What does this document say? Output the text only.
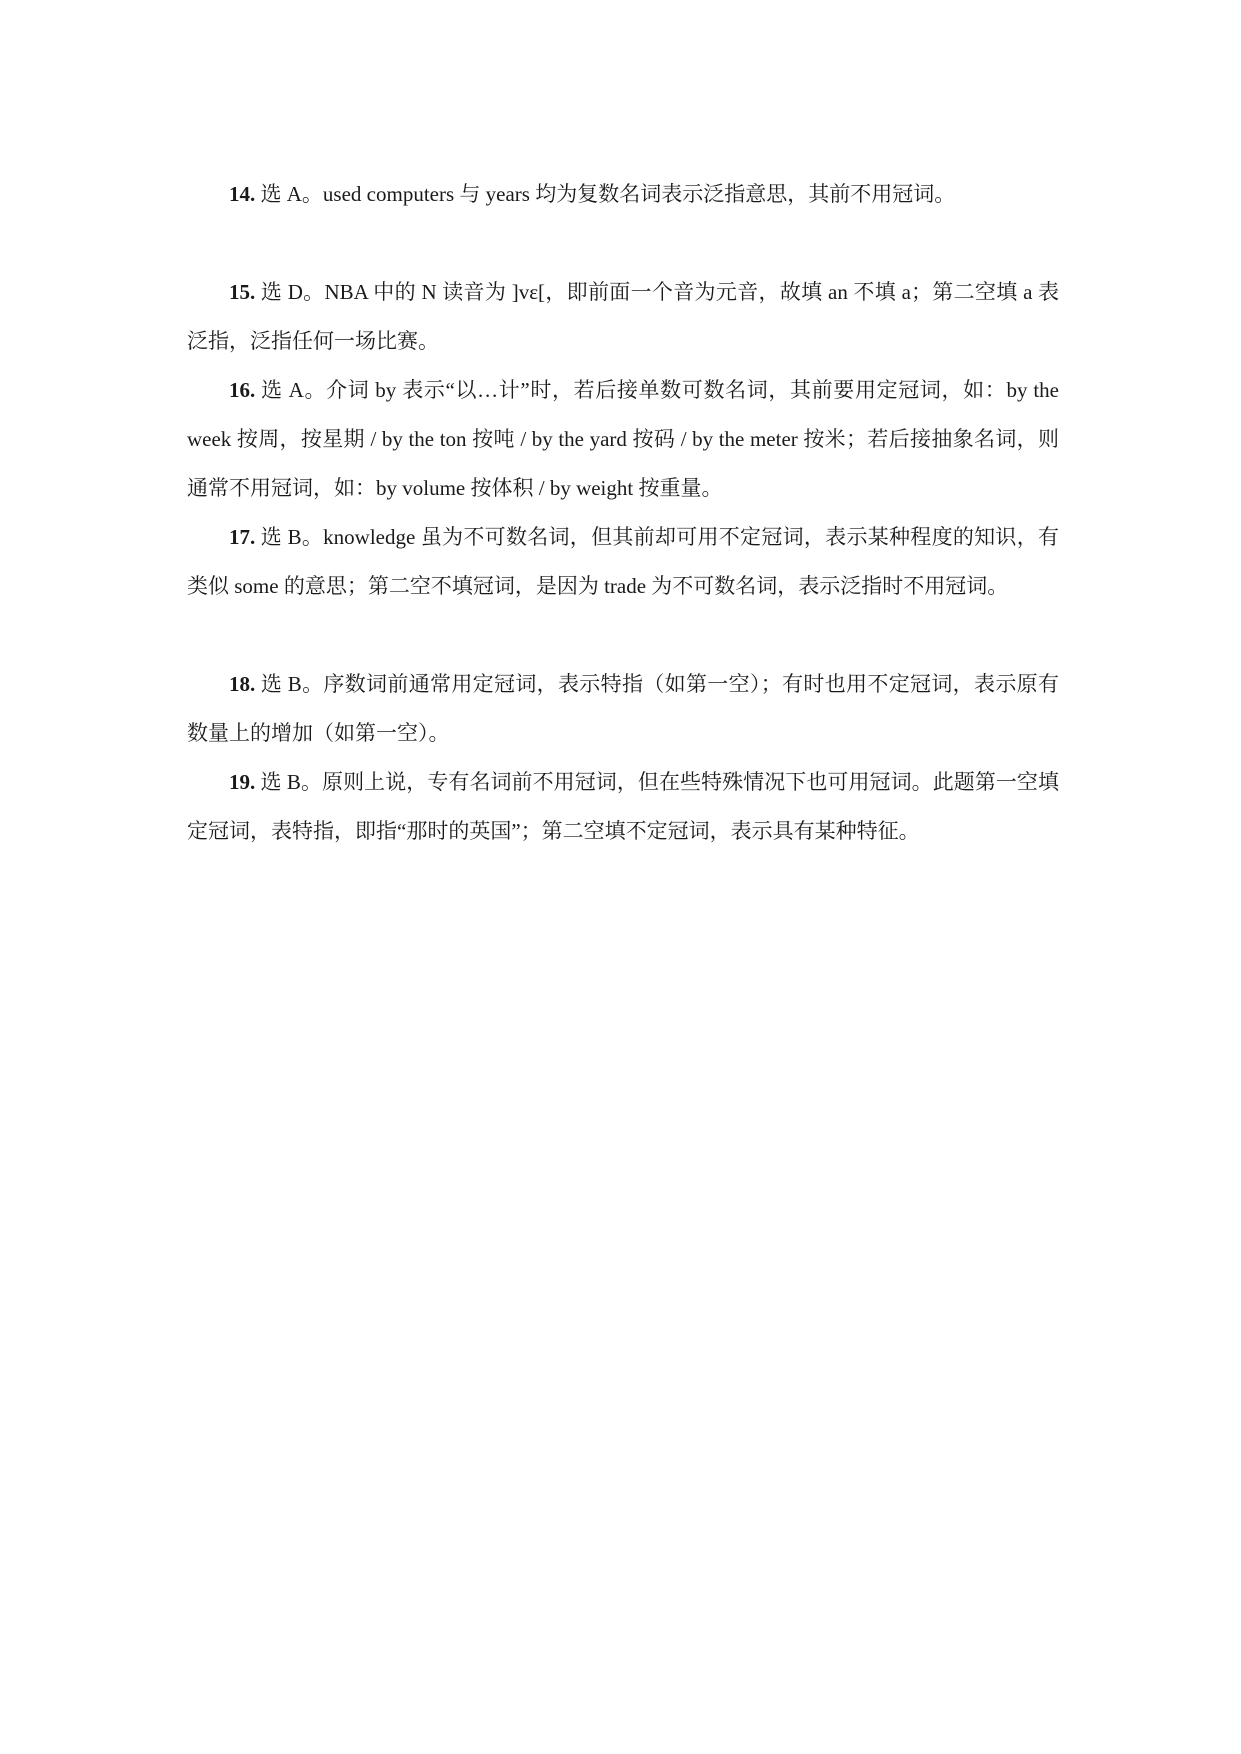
14. 选 A。used computers 与 years 均为复数名词表示泛指意思，其前不用冠词。

15. 选 D。NBA 中的 N 读音为 ]vɛ[，即前面一个音为元音，故填 an 不填 a；第二空填 a 表泛指，泛指任何一场比赛。

16. 选 A。介词 by 表示“以…计”时，若后接单数可数名词，其前要用定冠词，如：by the week 按周，按星期 / by the ton 按吨 / by the yard 按码 / by the meter 按米；若后接抽象名词，则通常不用冠词，如：by volume 按体积 / by weight 按重量。

17. 选 B。knowledge 虽为不可数名词，但其前却可用不定冠词，表示某种程度的知识，有类似 some 的意思；第二空不填冠词，是因为 trade 为不可数名词，表示泛指时不用冠词。

18. 选 B。序数词前通常用定冠词，表示特指（如第一空）；有时也用不定冠词，表示原有数量上的增加（如第一空）。

19. 选 B。原则上说，专有名词前不用冠词，但在些特殊情况下也可用冠词。此题第一空填定冠词，表特指，即指“那时的英国”；第二空填不定冠词，表示具有某种特征。
